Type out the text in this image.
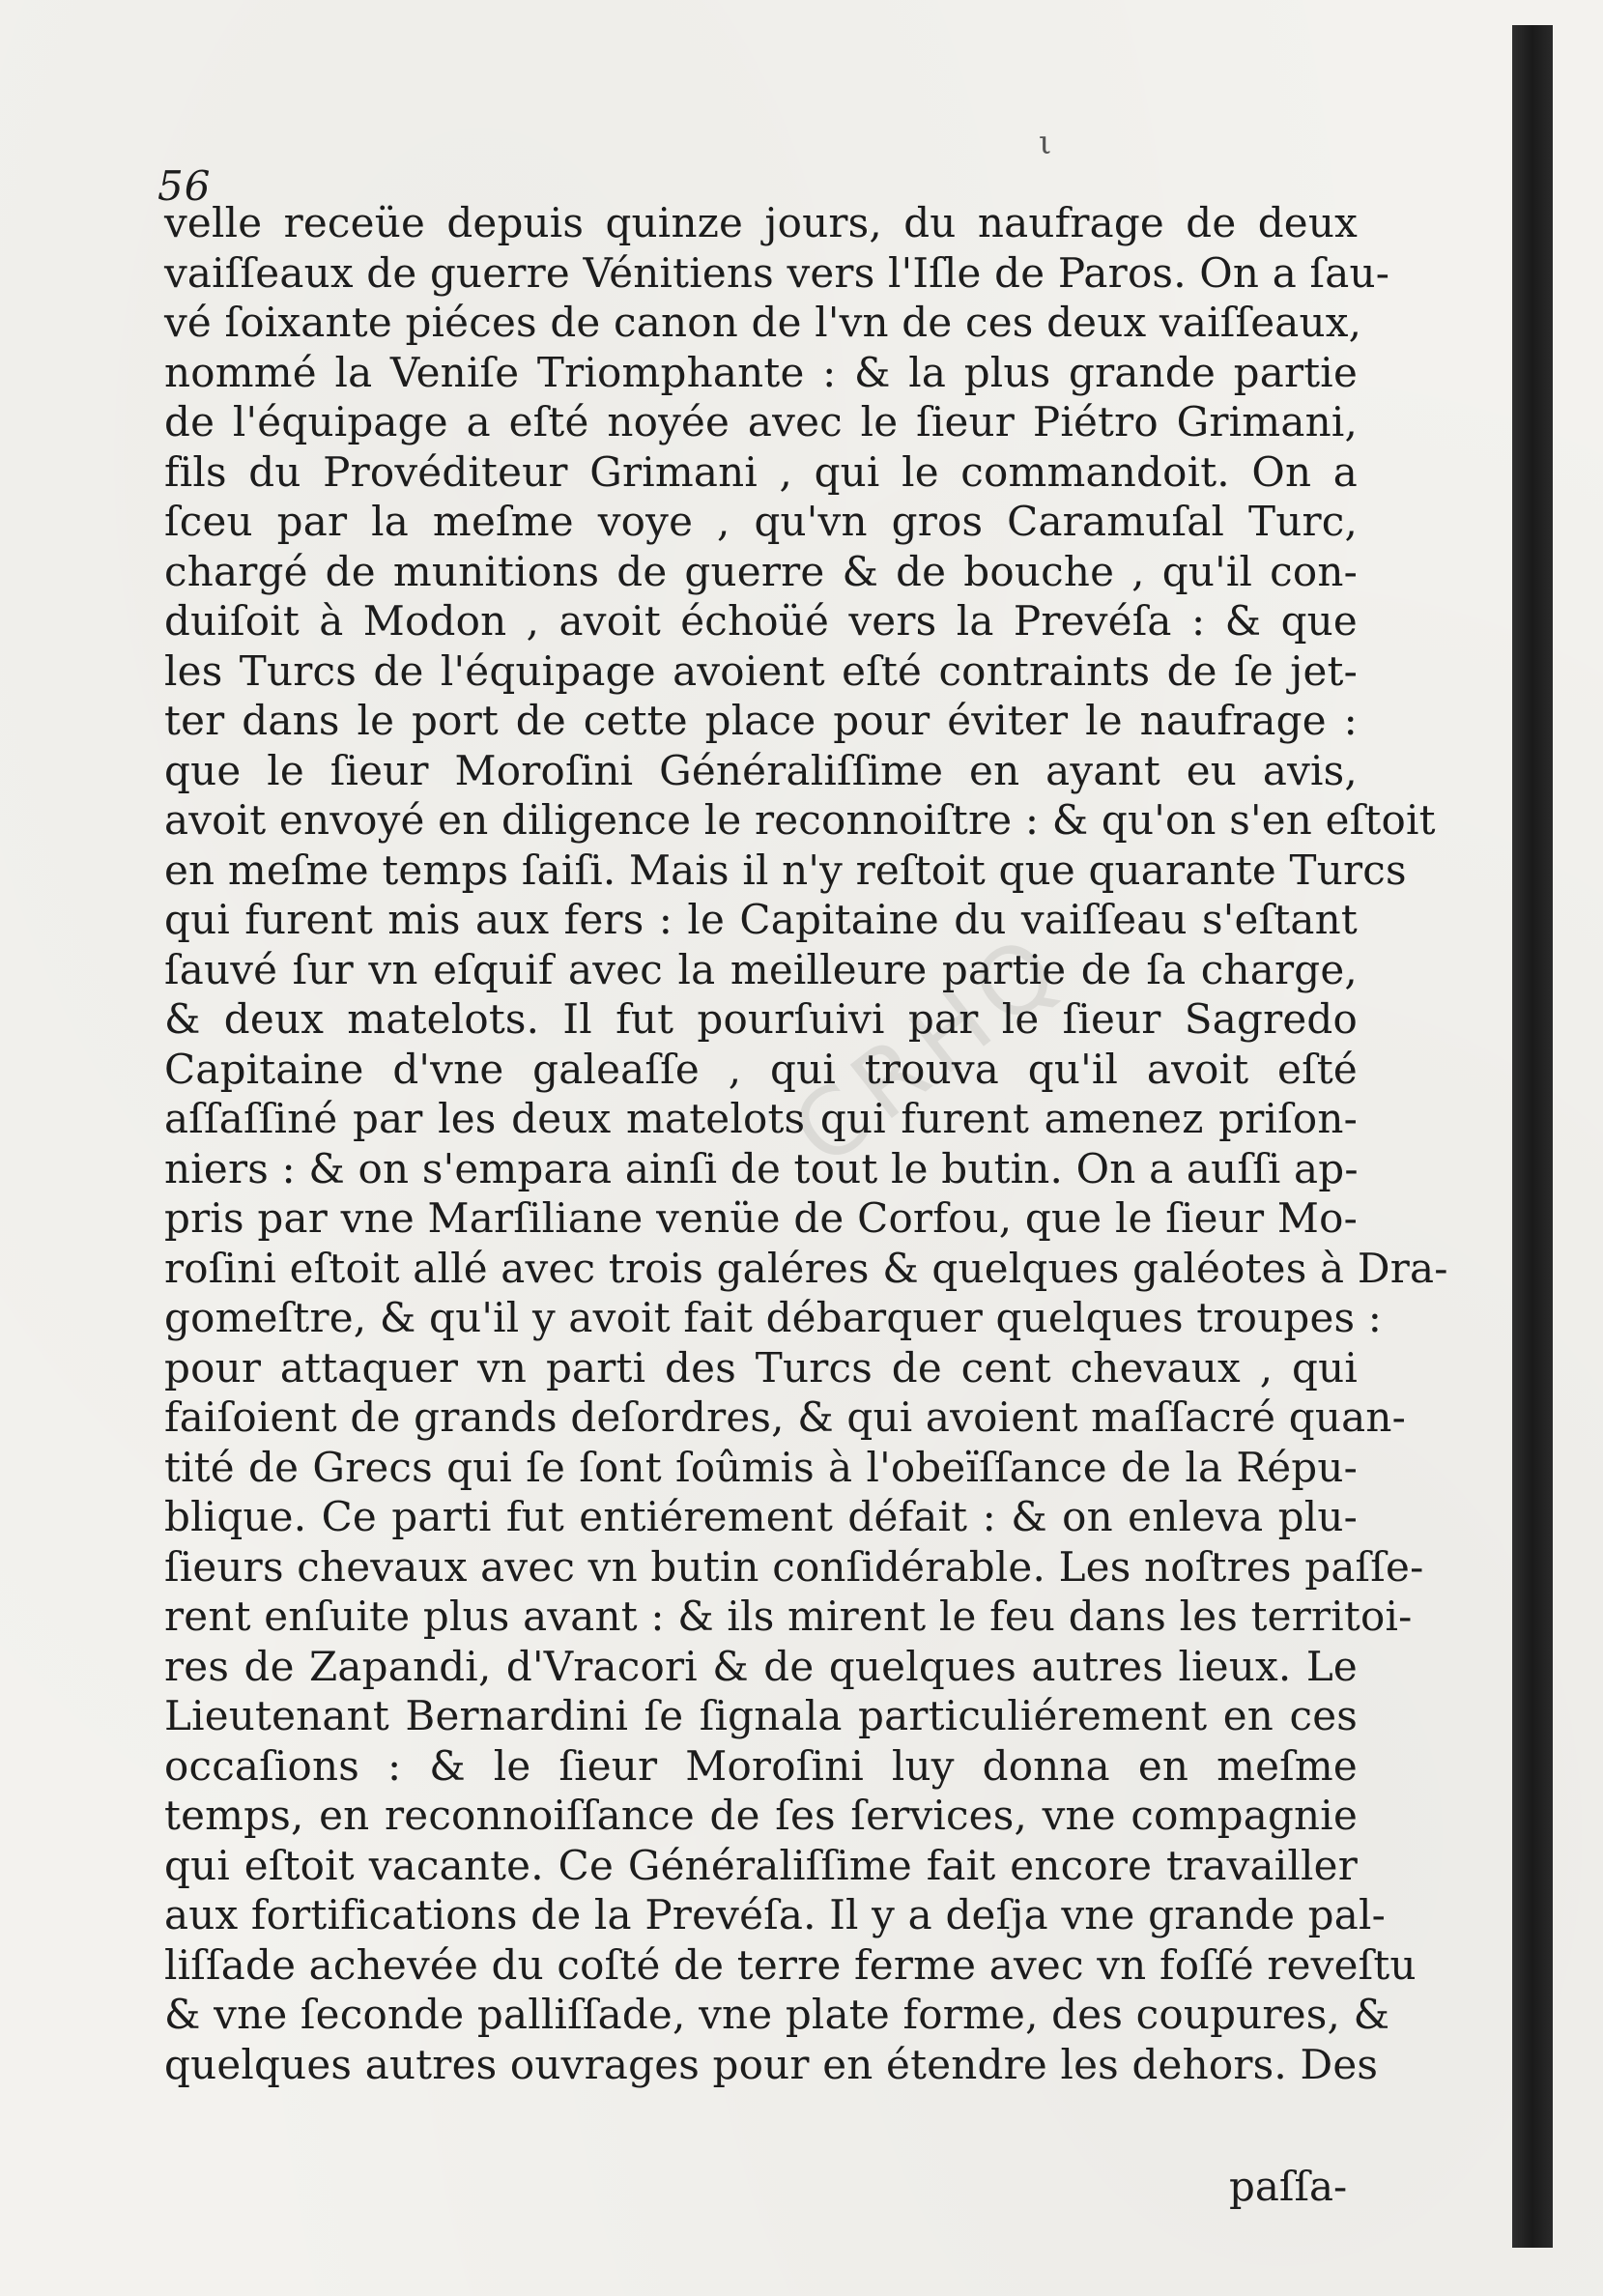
ι
CRHQ
56
velle receüe depuis quinze jours, du naufrage de deux
vaiſſeaux de guerre Vénitiens vers l'Iſle de Paros. On a ſau-
vé ſoixante piéces de canon de l'vn de ces deux vaiſſeaux,
nommé la Veniſe Triomphante : & la plus grande partie
de l'équipage a eſté noyée avec le ſieur Piétro Grimani,
fils du Provéditeur Grimani , qui le commandoit. On a
ſceu par la meſme voye , qu'vn gros Caramuſal Turc,
chargé de munitions de guerre & de bouche , qu'il con-
duiſoit à Modon , avoit échoüé vers la Prevéſa : & que
les Turcs de l'équipage avoient eſté contraints de ſe jet-
ter dans le port de cette place pour éviter le naufrage :
que le ſieur Moroſini Généraliſſime en ayant eu avis,
avoit envoyé en diligence le reconnoiſtre : & qu'on s'en eſtoit
en meſme temps ſaiſi. Mais il n'y reſtoit que quarante Turcs
qui furent mis aux fers : le Capitaine du vaiſſeau s'eſtant
ſauvé ſur vn eſquif avec la meilleure partie de ſa charge,
& deux matelots. Il fut pourſuivi par le ſieur Sagredo
Capitaine d'vne galeaſſe , qui trouva qu'il avoit eſté
aſſaſſiné par les deux matelots qui furent amenez priſon-
niers : & on s'empara ainſi de tout le butin. On a auſſi ap-
pris par vne Marſiliane venüe de Corfou, que le ſieur Mo-
roſini eſtoit allé avec trois galéres & quelques galéotes à Dra-
gomeſtre, & qu'il y avoit fait débarquer quelques troupes :
pour attaquer vn parti des Turcs de cent chevaux , qui
faiſoient de grands deſordres, & qui avoient maſſacré quan-
tité de Grecs qui ſe ſont ſoûmis à l'obeïſſance de la Répu-
blique. Ce parti fut entiérement défait : & on enleva plu-
ſieurs chevaux avec vn butin conſidérable. Les noſtres paſſe-
rent enſuite plus avant : & ils mirent le feu dans les territoi-
res de Zapandi, d'Vracori & de quelques autres lieux. Le
Lieutenant Bernardini ſe ſignala particuliérement en ces
occaſions : & le ſieur Moroſini luy donna en meſme
temps, en reconnoiſſance de ſes ſervices, vne compagnie
qui eſtoit vacante. Ce Généraliſſime fait encore travailler
aux fortifications de la Prevéſa. Il y a deſja vne grande pal-
liſſade achevée du coſté de terre ferme avec vn foſſé reveſtu
& vne ſeconde palliſſade, vne plate forme, des coupures, &
quelques autres ouvrages pour en étendre les dehors. Des
paſſa-
